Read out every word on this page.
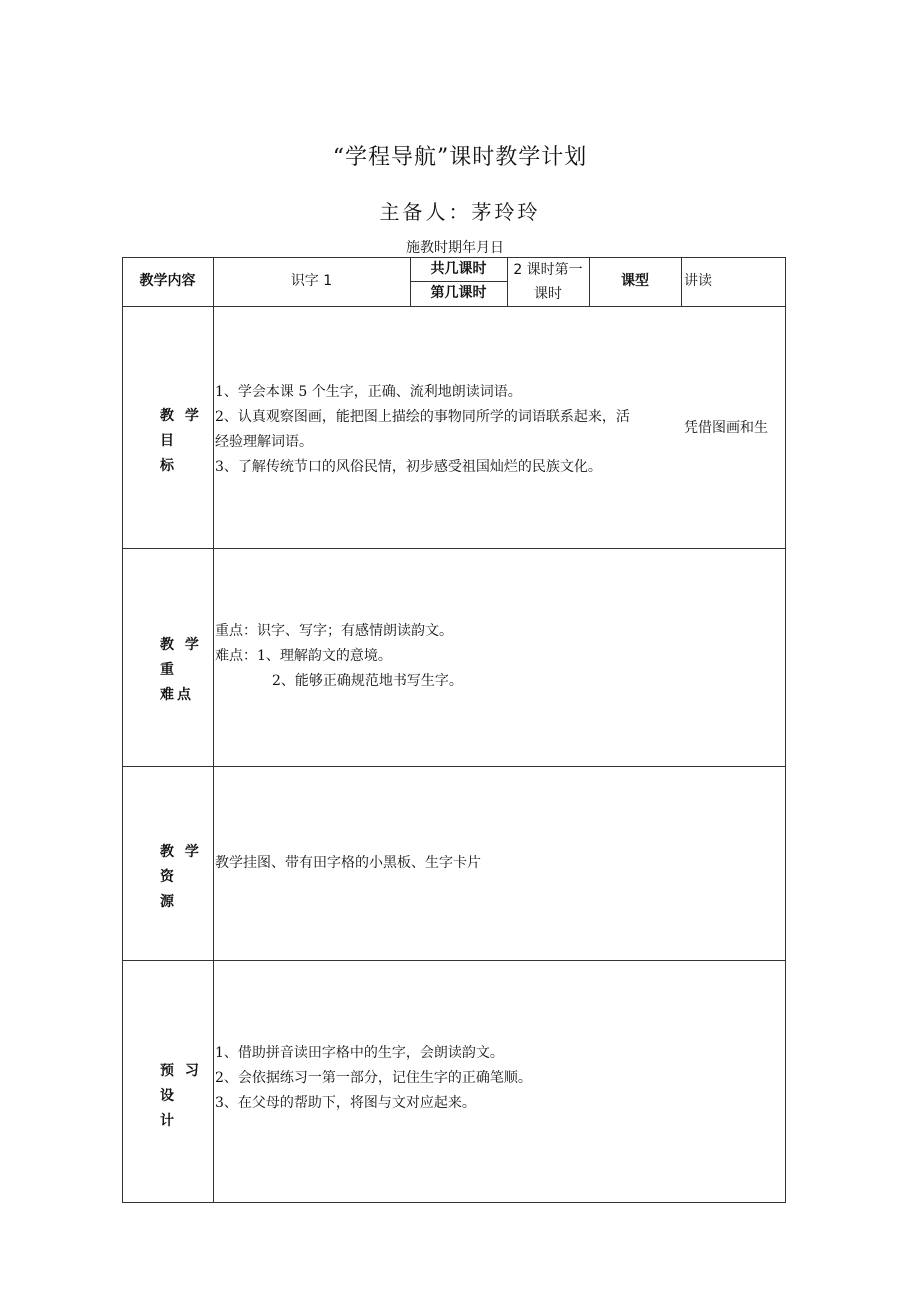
“学程导航”课时教学计划
主备人：茅玲玲
施教时期年月日
教学内容	识字 1
共几课时
第几课时
2 课时第一
课时
课型	讲读
教 学 目
标
1、学会本课 5 个生字，正确、流利地朗读词语。
2、认真观察图画，能把图上描绘的事物同所学的词语联系起来，活
经验理解词语。
3、了解传统节口的风俗民情，初步感受祖国灿烂的民族文化。
凭借图画和生
教 学 重
难点
重点：识字、写字；有感情朗读韵文。
难点：1、理解韵文的意境。
2、能够正确规范地书写生字。
教 学 资
源
教学挂图、带有田字格的小黑板、生字卡片
预 习 设
计
1、借助拼音读田字格中的生字，会朗读韵文。
2、会依据练习一第一部分，记住生字的正确笔顺。
3、在父母的帮助下，将图与文对应起来。
